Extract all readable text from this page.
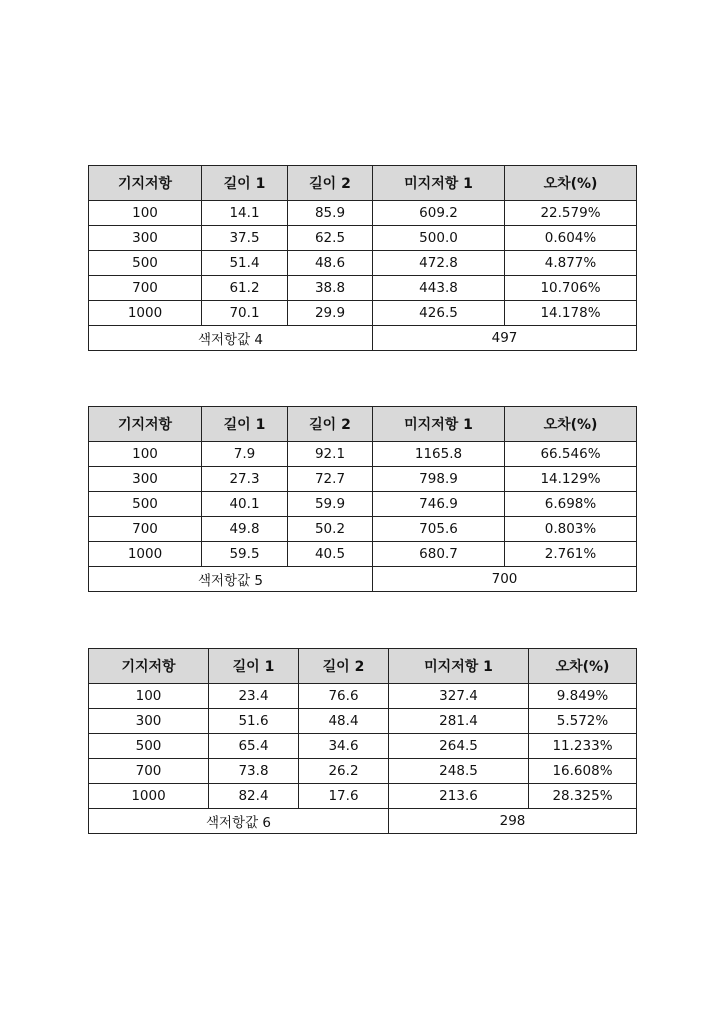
기지저항	길이 1	길이 2	미지저항 1	오차(%)
100	14.1	85.9	609.2	22.579%
300	37.5	62.5	500.0	0.604%
500	51.4	48.6	472.8	4.877%
700	61.2	38.8	443.8	10.706%
1000	70.1	29.9	426.5	14.178%
색저항값 4			497	
기지저항	길이 1	길이 2	미지저항 1	오차(%)
100	7.9	92.1	1165.8	66.546%
300	27.3	72.7	798.9	14.129%
500	40.1	59.9	746.9	6.698%
700	49.8	50.2	705.6	0.803%
1000	59.5	40.5	680.7	2.761%
색저항값 5			700	
기지저항	길이 1	길이 2	미지저항 1	오차(%)
100	23.4	76.6	327.4	9.849%
300	51.6	48.4	281.4	5.572%
500	65.4	34.6	264.5	11.233%
700	73.8	26.2	248.5	16.608%
1000	82.4	17.6	213.6	28.325%
색저항값 6			298	
